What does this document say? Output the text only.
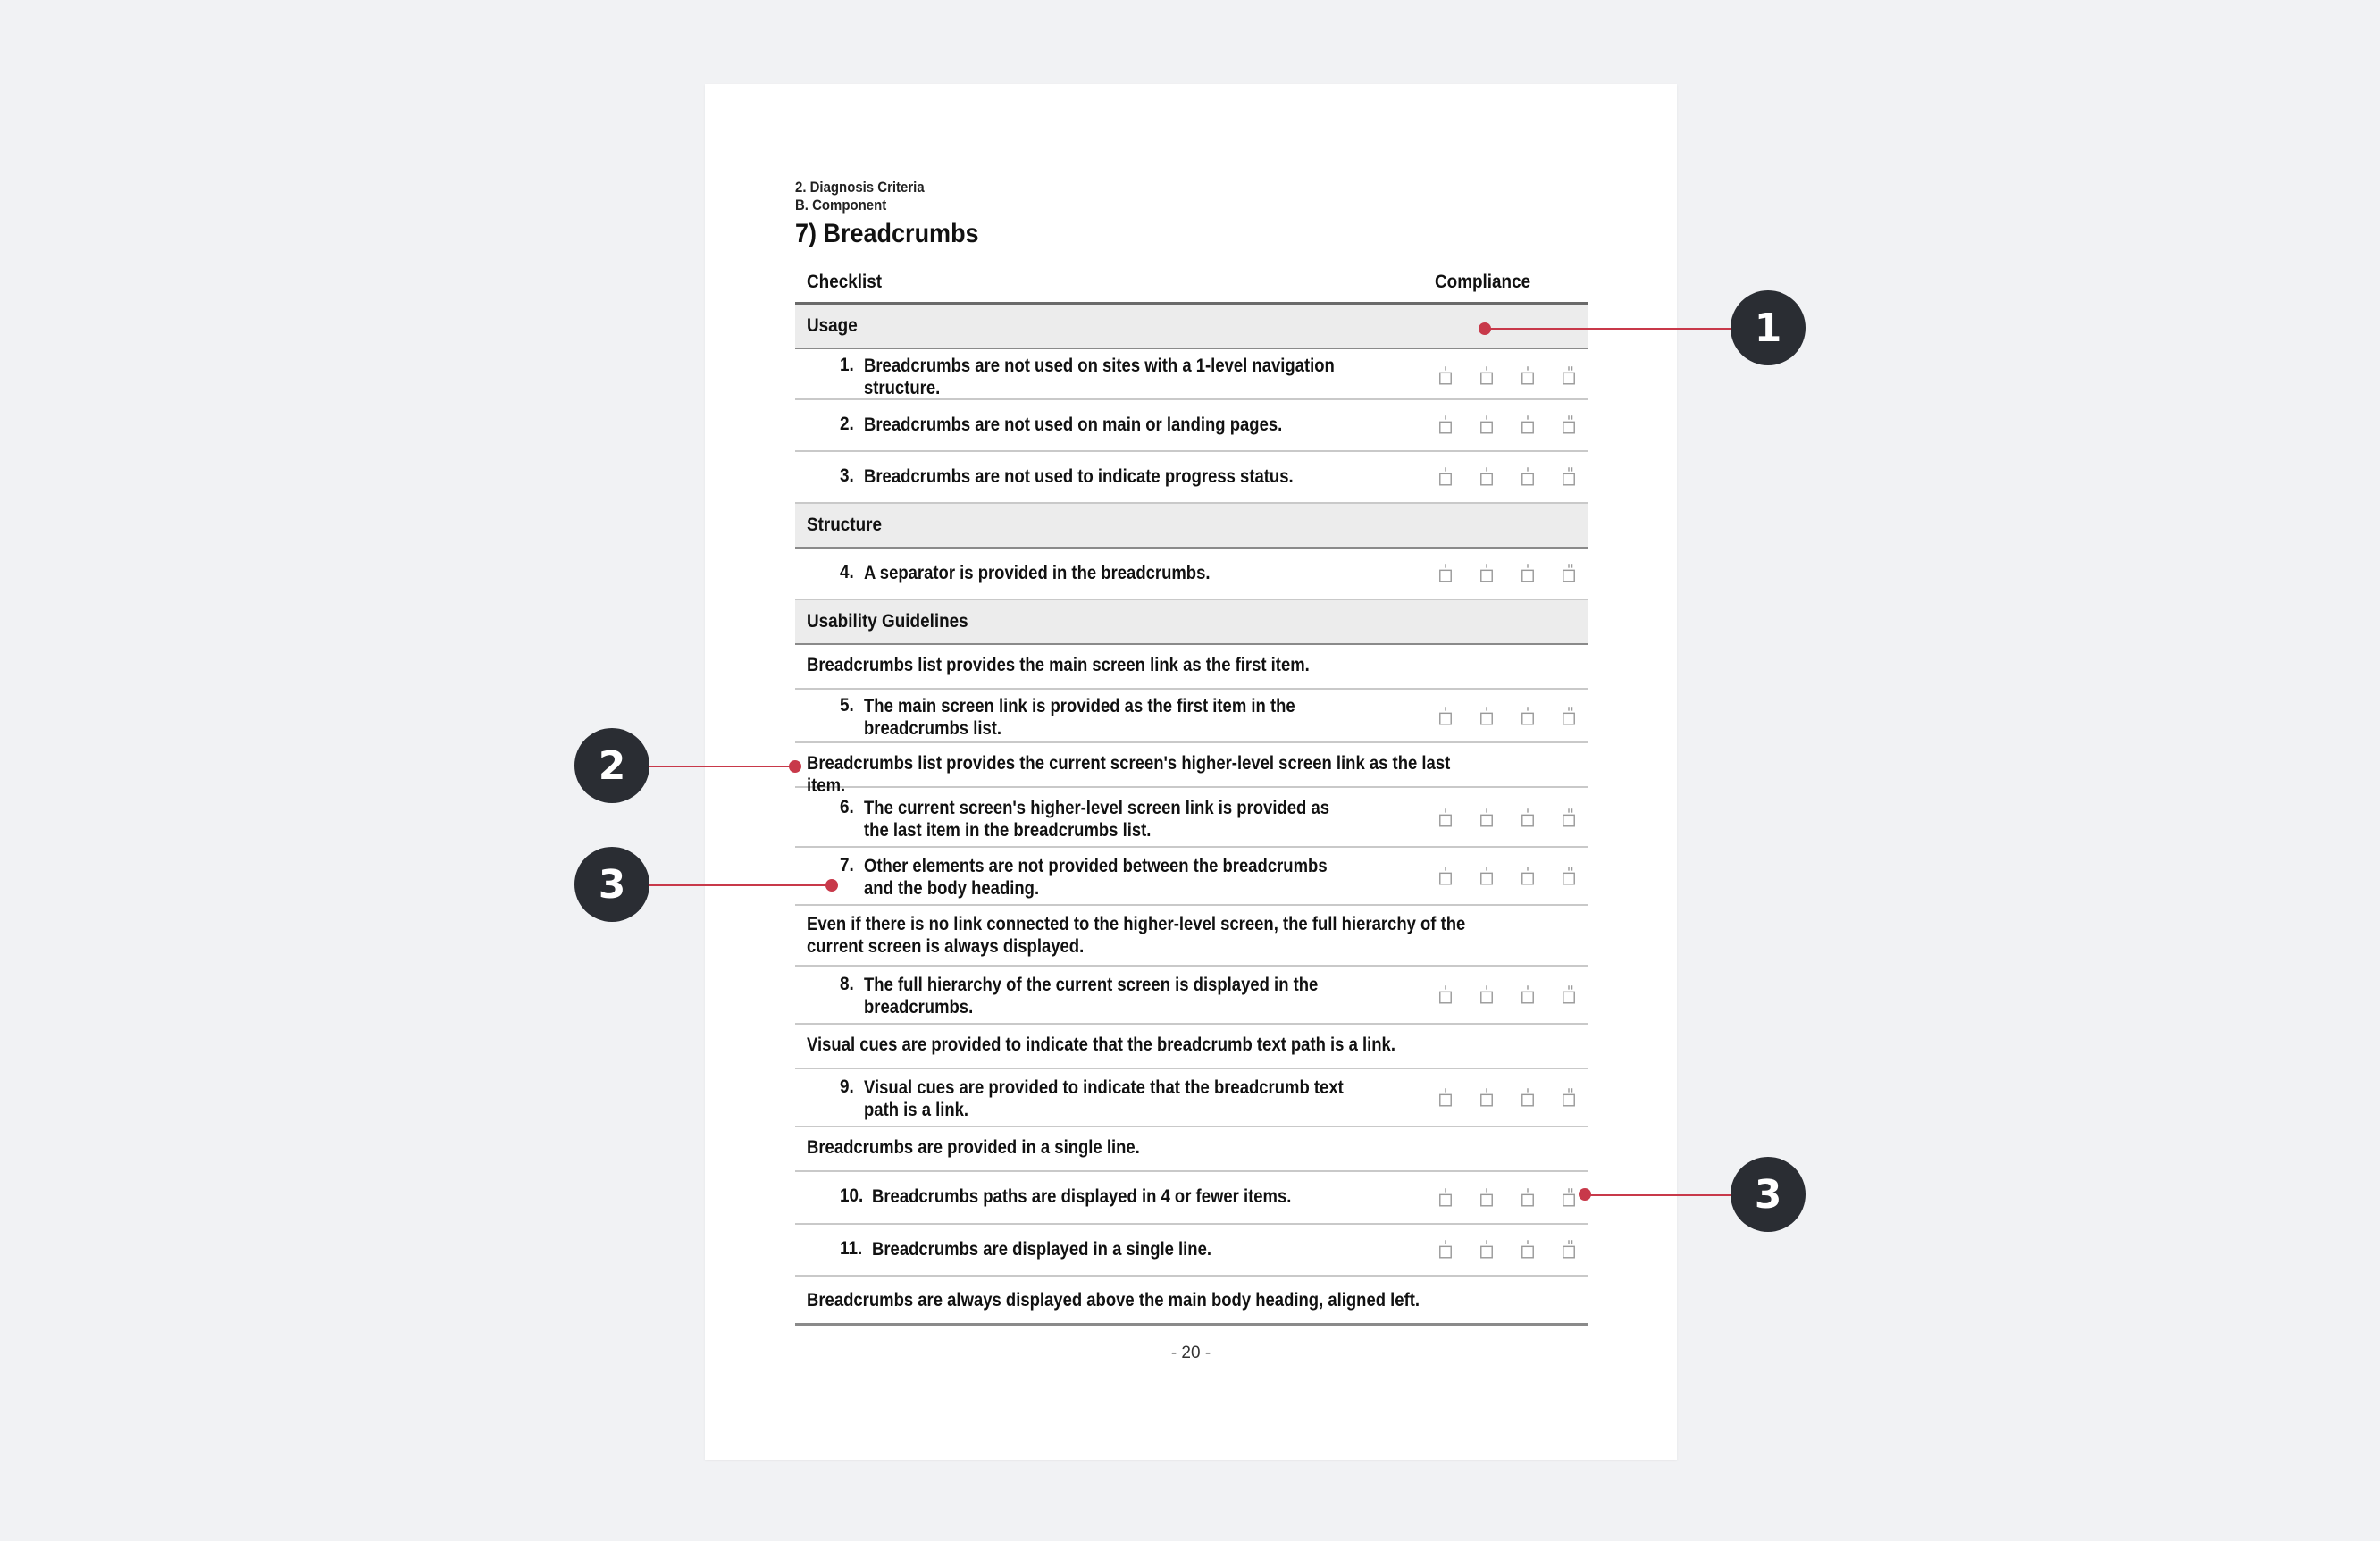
2. Diagnosis Criteria
B. Component
7) Breadcrumbs
Checklist	Compliance
Usage
1. Breadcrumbs are not used on sites with a 1-level navigation structure.
2. Breadcrumbs are not used on main or landing pages.
3. Breadcrumbs are not used to indicate progress status.
Structure
4. A separator is provided in the breadcrumbs.
Usability Guidelines
Breadcrumbs list provides the main screen link as the first item.
5. The main screen link is provided as the first item in the breadcrumbs list.
Breadcrumbs list provides the current screen's higher-level screen link as the last item.
6. The current screen's higher-level screen link is provided as the last item in the breadcrumbs list.
7. Other elements are not provided between the breadcrumbs and the body heading.
Even if there is no link connected to the higher-level screen, the full hierarchy of the current screen is always displayed.
8. The full hierarchy of the current screen is displayed in the breadcrumbs.
Visual cues are provided to indicate that the breadcrumb text path is a link.
9. Visual cues are provided to indicate that the breadcrumb text path is a link.
Breadcrumbs are provided in a single line.
10. Breadcrumbs paths are displayed in 4 or fewer items.
11. Breadcrumbs are displayed in a single line.
Breadcrumbs are always displayed above the main body heading, aligned left.
- 20 -
1
2
3
3
